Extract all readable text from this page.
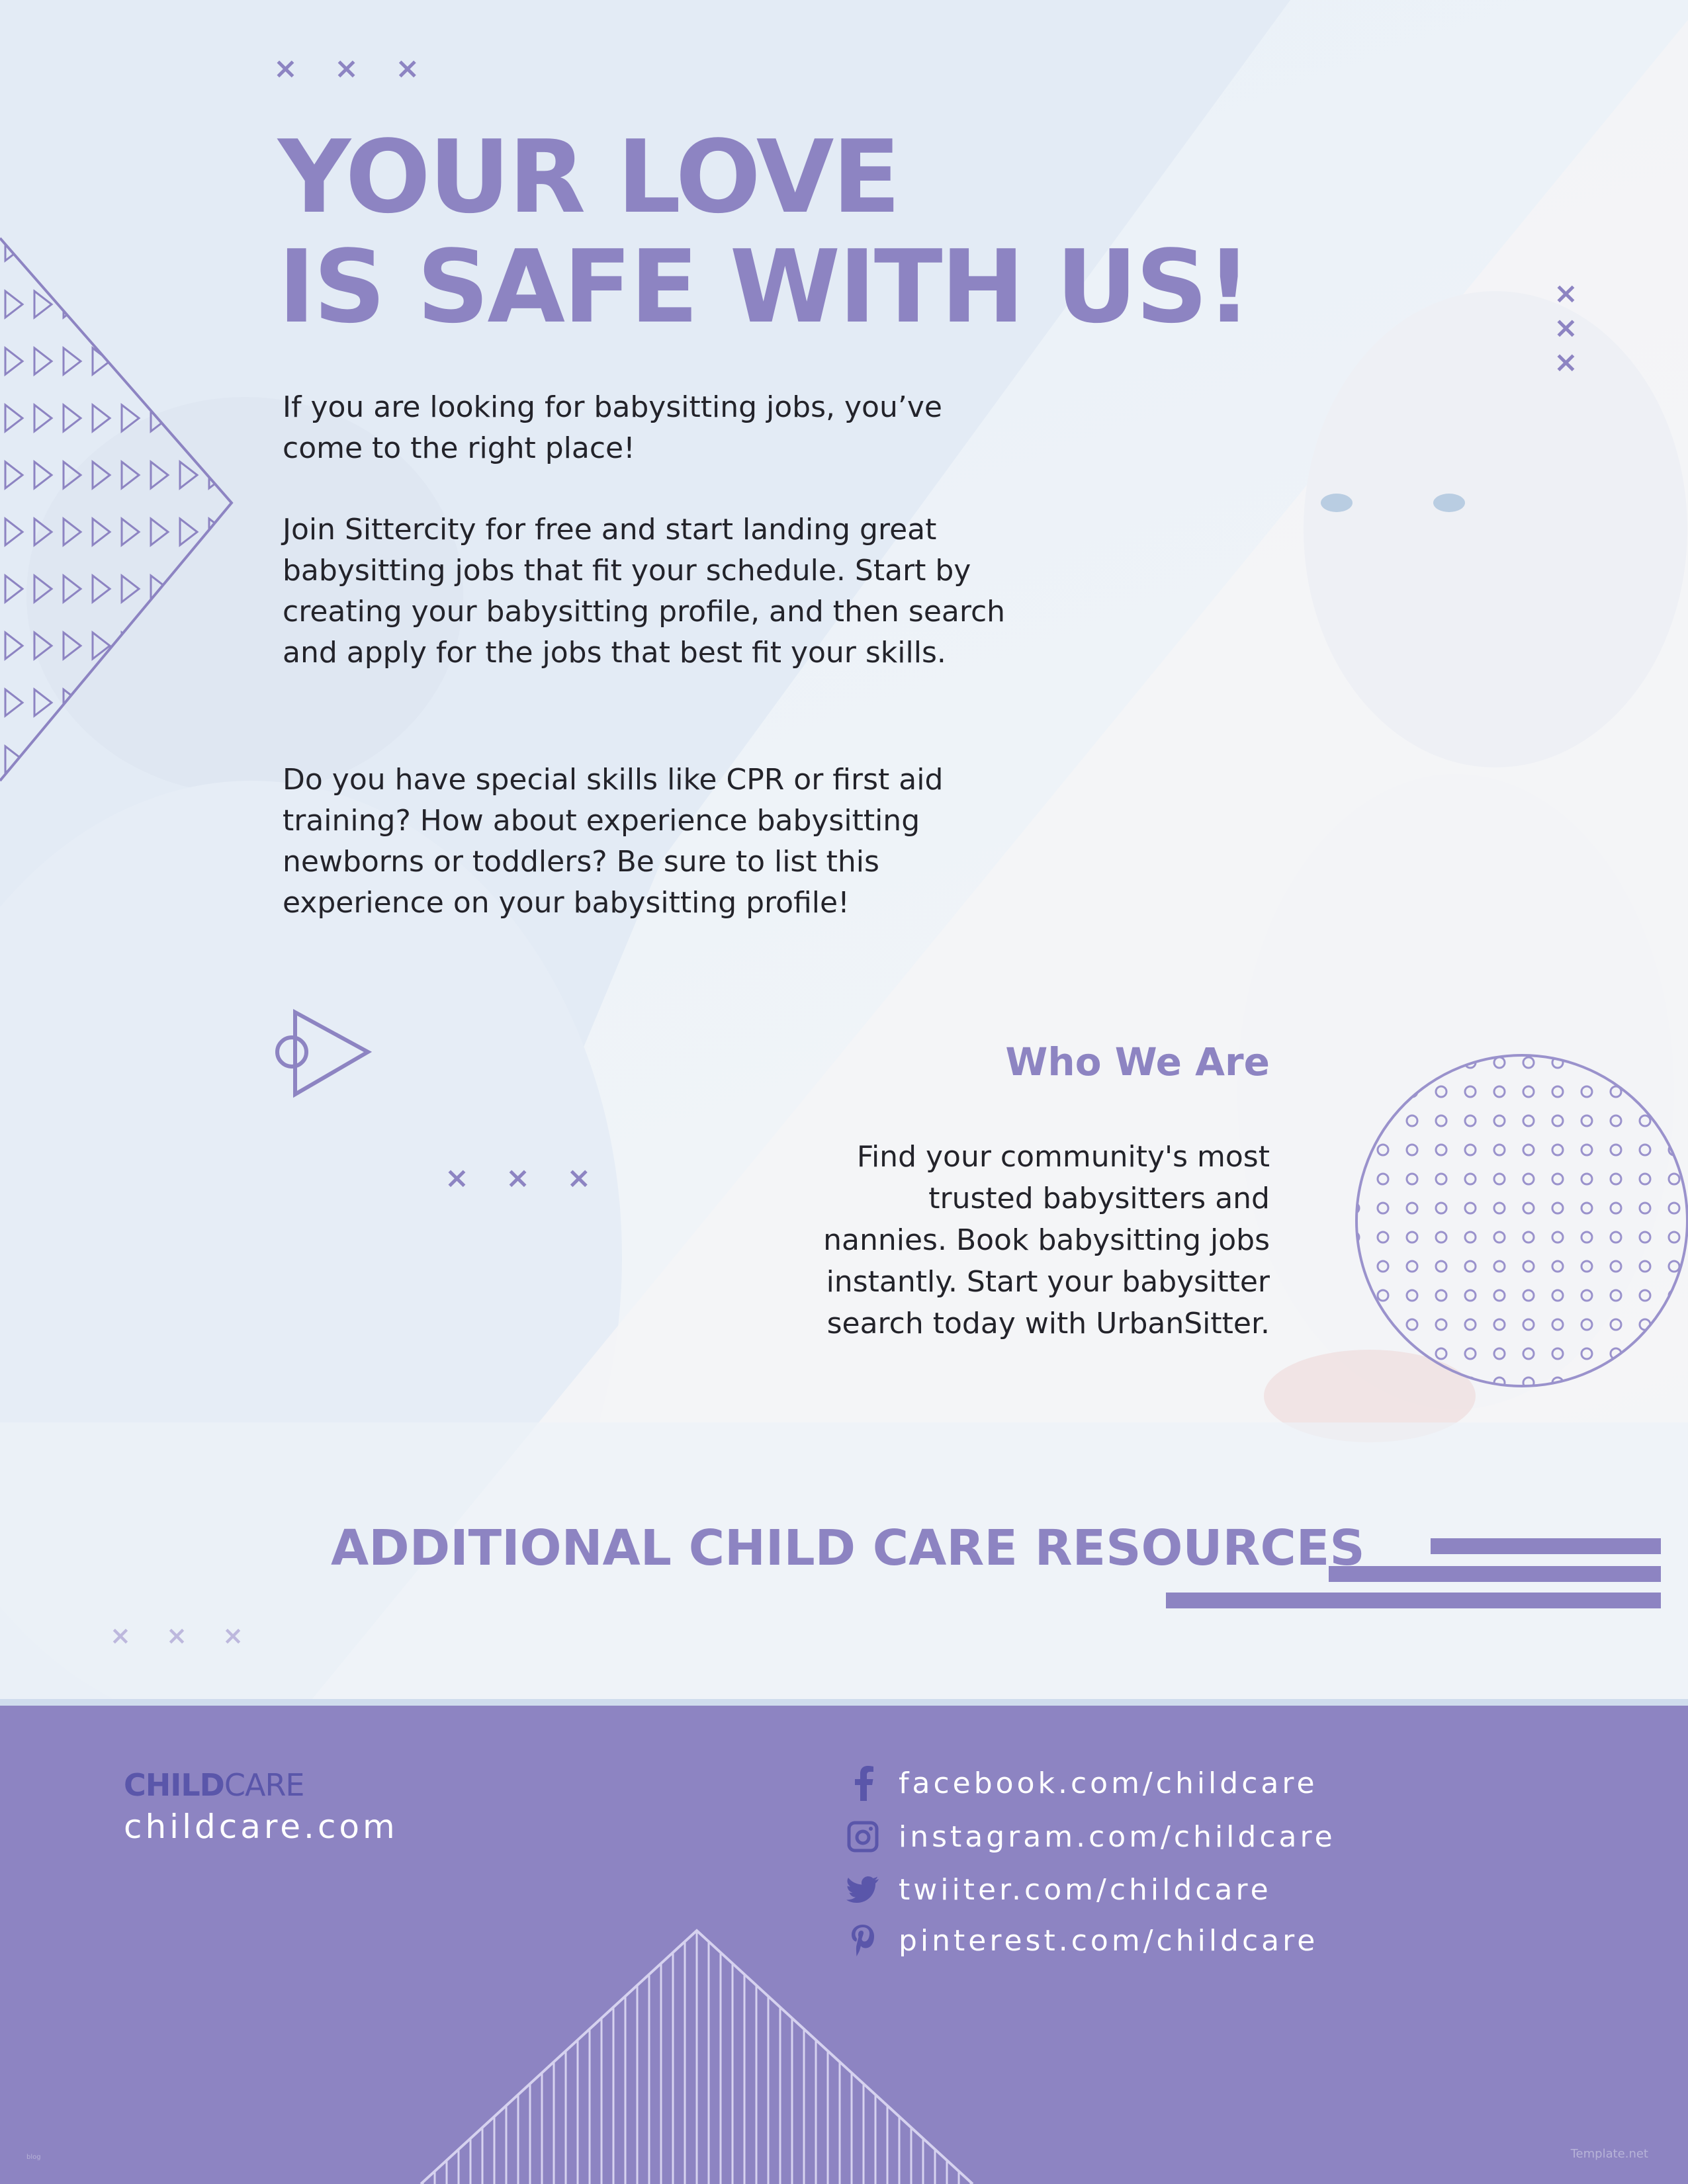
× × ×
×
×
×
× × ×
× × ×
YOUR LOVE
IS SAFE WITH US!

If you are looking for babysitting jobs, you’ve come to the right place!

Join Sittercity for free and start landing great babysitting jobs that fit your schedule. Start by creating your babysitting profile, and then search and apply for the jobs that best fit your skills.

Do you have special skills like CPR or first aid training? How about experience babysitting newborns or toddlers? Be sure to list this experience on your babysitting profile!

Who We Are

Find your community's most trusted babysitters and nannies. Book babysitting jobs instantly. Start your babysitter search today with UrbanSitter.

ADDITIONAL CHILD CARE RESOURCES
CHILDCARE
childcare.com
facebook.com/childcare
instagram.com/childcare
twiiter.com/childcare
pinterest.com/childcare
blog	Template.net
